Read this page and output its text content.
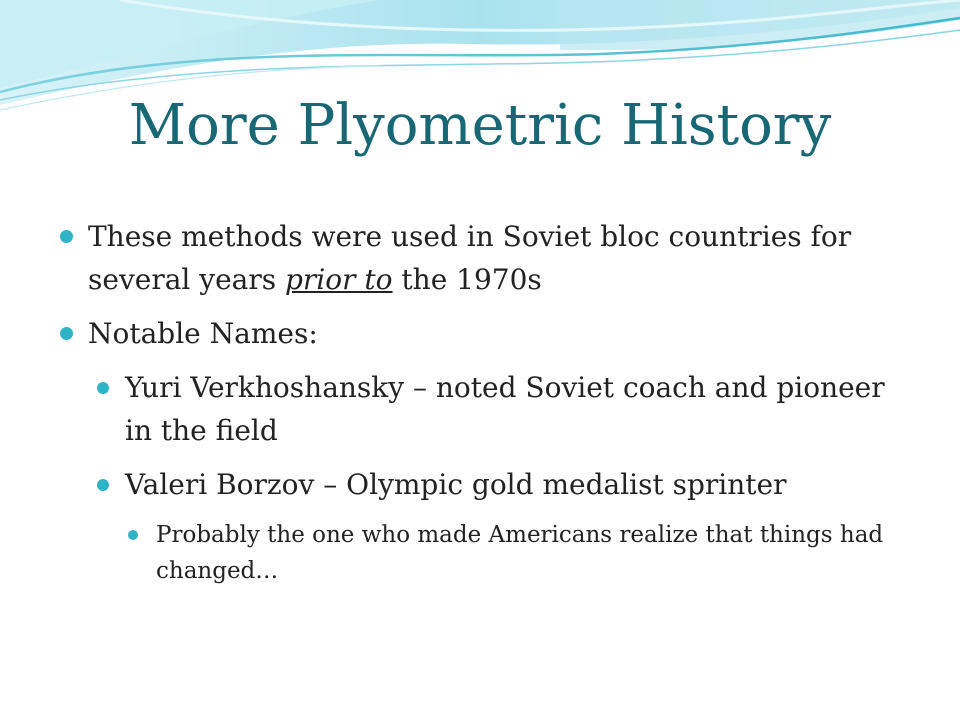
More Plyometric History
These methods were used in Soviet bloc countries for several years prior to the 1970s
Notable Names:
Yuri Verkhoshansky – noted Soviet coach and pioneer in the field
Valeri Borzov – Olympic gold medalist sprinter
Probably the one who made Americans realize that things had changed…
